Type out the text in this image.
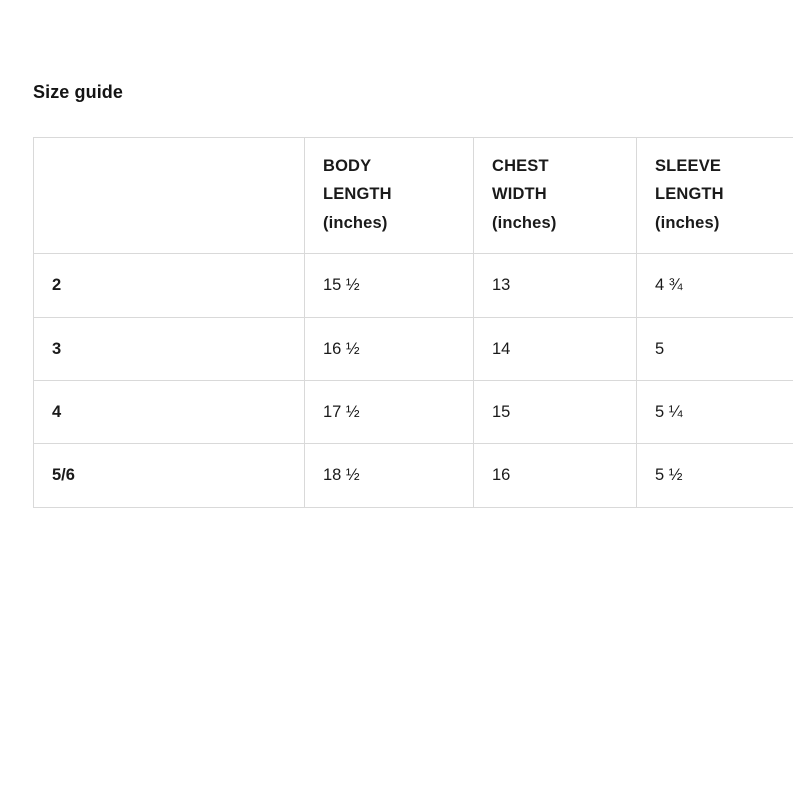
Size guide

	BODY
LENGTH
(inches)	CHEST
WIDTH
(inches)	SLEEVE
LENGTH
(inches)	

2	15 ½	13	4 ¾	
3	16 ½	14	5	
4	17 ½	15	5 ¼	
5/6	18 ½	16	5 ½	
